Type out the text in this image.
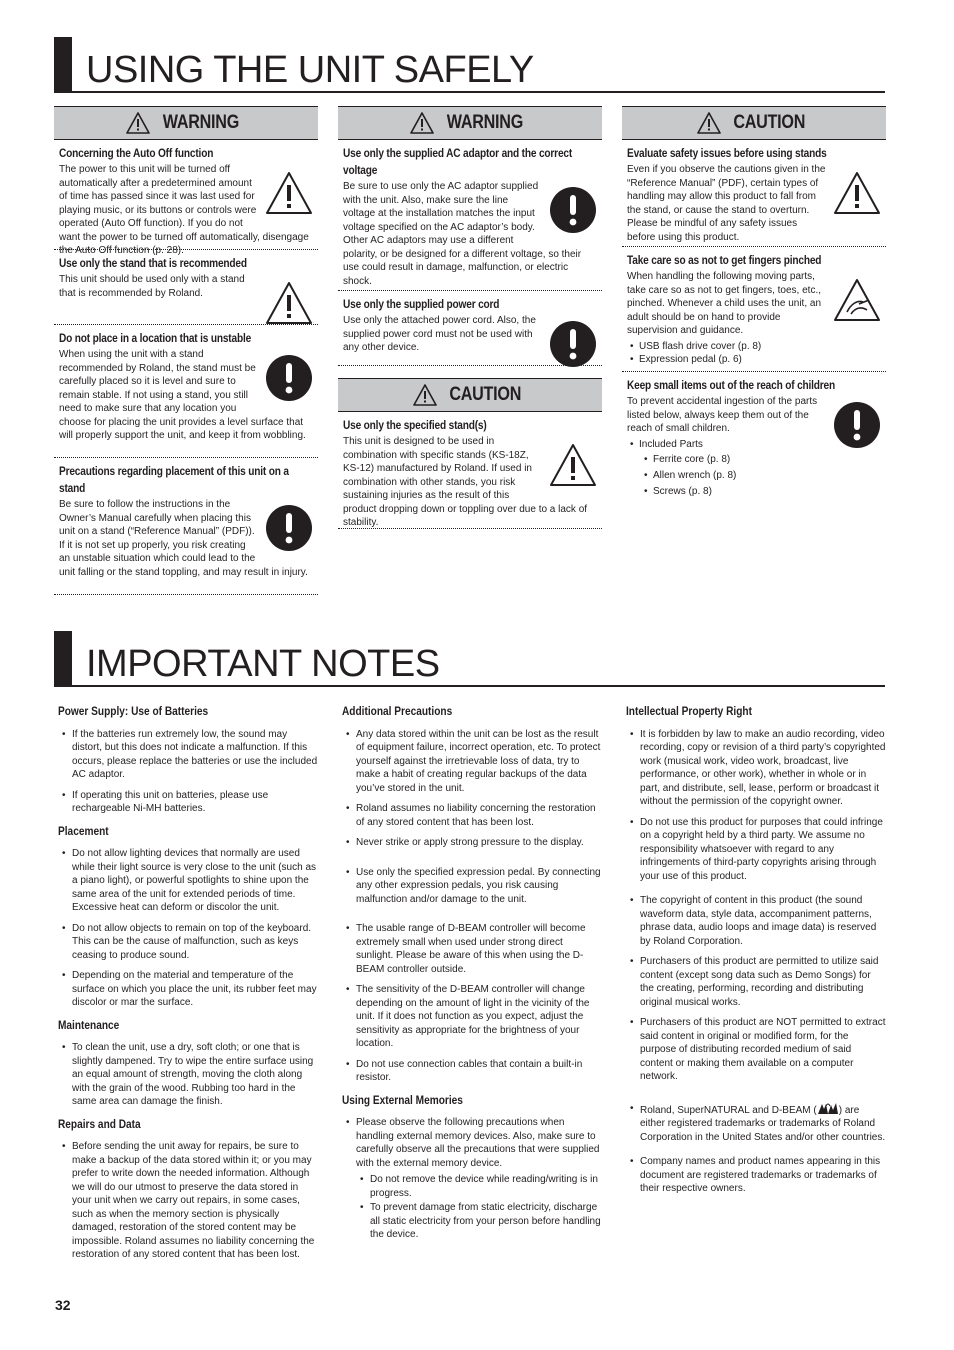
USING THE UNIT SAFELY
WARNING
Concerning the Auto Off function

The power to this unit will be turned off automatically after a predetermined amount of time has passed since it was last used for playing music, or its buttons or controls were operated (Auto Off function). If you do not want the power to be turned off automatically, disengage the Auto Off function (p. 28).

Use only the stand that is recommended

This unit should be used only with a stand that is recommended by Roland.

Do not place in a location that is unstable

When using the unit with a stand recommended by Roland, the stand must be carefully placed so it is level and sure to remain stable. If not using a stand, you still need to make sure that any location you choose for placing the unit provides a level surface that will properly support the unit, and keep it from wobbling.

Precautions regarding placement of this unit on a stand

Be sure to follow the instructions in the Owner’s Manual carefully when placing this unit on a stand (“Reference Manual” (PDF)). If it is not set up properly, you risk creating an unstable situation which could lead to the unit falling or the stand toppling, and may result in injury.

WARNING
Use only the supplied AC adaptor and the correct voltage

Be sure to use only the AC adaptor supplied with the unit. Also, make sure the line voltage at the installation matches the input voltage specified on the AC adaptor’s body. Other AC adaptors may use a different polarity, or be designed for a different voltage, so their use could result in damage, malfunction, or electric shock.

Use only the supplied power cord

Use only the attached power cord. Also, the supplied power cord must not be used with any other device.

CAUTION
Use only the specified stand(s)

This unit is designed to be used in combination with specific stands (KS-18Z, KS-12) manufactured by Roland. If used in combination with other stands, you risk sustaining injuries as the result of this product dropping down or toppling over due to a lack of stability.

CAUTION
Evaluate safety issues before using stands

Even if you observe the cautions given in the “Reference Manual” (PDF), certain types of handling may allow this product to fall from the stand, or cause the stand to overturn. Please be mindful of any safety issues before using this product.

Take care so as not to get fingers pinched

When handling the following moving parts, take care so as not to get fingers, toes, etc., pinched. Whenever a child uses the unit, an adult should be on hand to provide supervision and guidance.

• USB flash drive cover (p. 8)
• Expression pedal (p. 6)
Keep small items out of the reach of children

To prevent accidental ingestion of the parts listed below, always keep them out of the reach of small children.

• Included Parts
• Ferrite core (p. 8)
• Allen wrench (p. 8)
• Screws (p. 8)
IMPORTANT NOTES
Power Supply: Use of Batteries
• If the batteries run extremely low, the sound may distort, but this does not indicate a malfunction. If this occurs, please replace the batteries or use the included AC adaptor.
• If operating this unit on batteries, please use rechargeable Ni-MH batteries.
Placement
• Do not allow lighting devices that normally are used while their light source is very close to the unit (such as a piano light), or powerful spotlights to shine upon the same area of the unit for extended periods of time. Excessive heat can deform or discolor the unit.
• Do not allow objects to remain on top of the keyboard. This can be the cause of malfunction, such as keys ceasing to produce sound.
• Depending on the material and temperature of the surface on which you place the unit, its rubber feet may discolor or mar the surface.
Maintenance
• To clean the unit, use a dry, soft cloth; or one that is slightly dampened. Try to wipe the entire surface using an equal amount of strength, moving the cloth along with the grain of the wood. Rubbing too hard in the same area can damage the finish.
Repairs and Data
• Before sending the unit away for repairs, be sure to make a backup of the data stored within it; or you may prefer to write down the needed information. Although we will do our utmost to preserve the data stored in your unit when we carry out repairs, in some cases, such as when the memory section is physically damaged, restoration of the stored content may be impossible. Roland assumes no liability concerning the restoration of any stored content that has been lost.
Additional Precautions
• Any data stored within the unit can be lost as the result of equipment failure, incorrect operation, etc. To protect yourself against the irretrievable loss of data, try to make a habit of creating regular backups of the data you’ve stored in the unit.
• Roland assumes no liability concerning the restoration of any stored content that has been lost.
• Never strike or apply strong pressure to the display.
• Use only the specified expression pedal. By connecting any other expression pedals, you risk causing malfunction and/or damage to the unit.
• The usable range of D-BEAM controller will become extremely small when used under strong direct sunlight. Please be aware of this when using the D-BEAM controller outside.
• The sensitivity of the D-BEAM controller will change depending on the amount of light in the vicinity of the unit. If it does not function as you expect, adjust the sensitivity as appropriate for the brightness of your location.
• Do not use connection cables that contain a built-in resistor.
Using External Memories
• Please observe the following precautions when handling external memory devices. Also, make sure to carefully observe all the precautions that were supplied with the external memory device.
• Do not remove the device while reading/writing is in progress.
• To prevent damage from static electricity, discharge all static electricity from your person before handling the device.
Intellectual Property Right
• It is forbidden by law to make an audio recording, video recording, copy or revision of a third party’s copyrighted work (musical work, video work, broadcast, live performance, or other work), whether in whole or in part, and distribute, sell, lease, perform or broadcast it without the permission of the copyright owner.
• Do not use this product for purposes that could infringe on a copyright held by a third party. We assume no responsibility whatsoever with regard to any infringements of third-party copyrights arising through your use of this product.
• The copyright of content in this product (the sound waveform data, style data, accompaniment patterns, phrase data, audio loops and image data) is reserved by Roland Corporation.
• Purchasers of this product are permitted to utilize said content (except song data such as Demo Songs) for the creating, performing, recording and distributing original musical works.
• Purchasers of this product are NOT permitted to extract said content in original or modified form, for the purpose of distributing recorded medium of said content or making them available on a computer network.
• Roland, SuperNATURAL and D-BEAM ( ) are either registered trademarks or trademarks of Roland Corporation in the United States and/or other countries.
• Company names and product names appearing in this document are registered trademarks or trademarks of their respective owners.
32
